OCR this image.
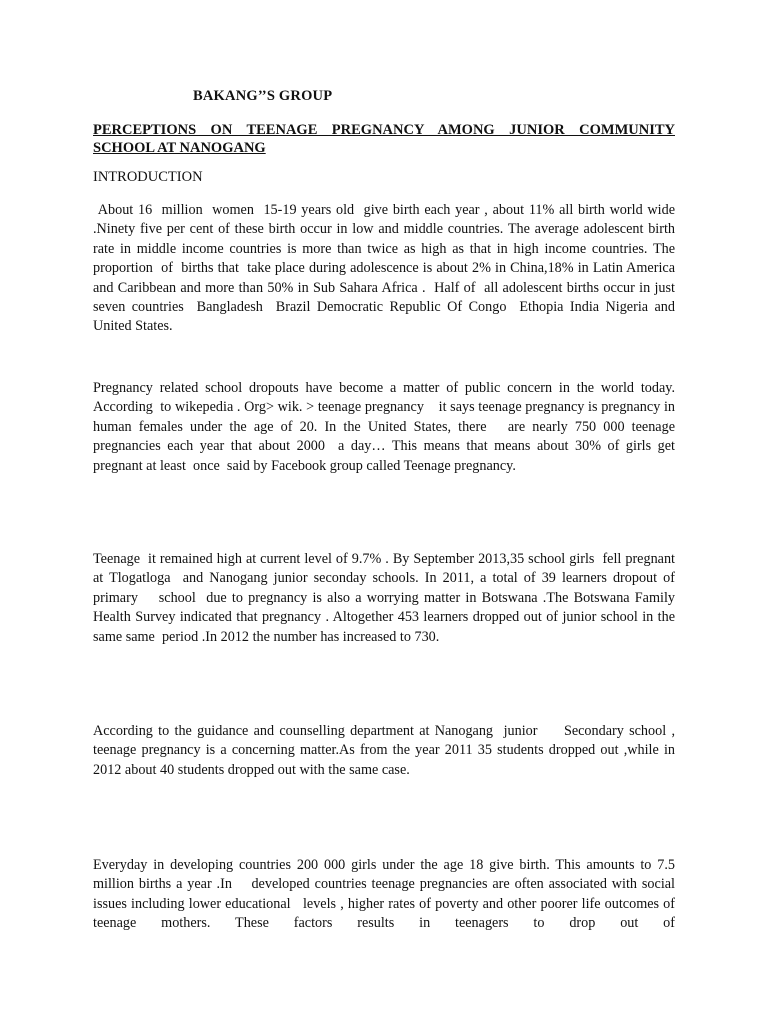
BAKANG’’S GROUP

PERCEPTIONS ON TEENAGE PREGNANCY AMONG JUNIOR COMMUNITY SCHOOL AT NANOGANG

INTRODUCTION

About 16  million  women  15-19 years old  give birth each year , about 11% all birth world wide .Ninety five per cent of these birth occur in low and middle countries. The average adolescent birth rate in middle income countries is more than twice as high as that in high income countries. The proportion  of  births that  take place during adolescence is about 2% in China,18% in Latin America and Caribbean and more than 50% in Sub Sahara Africa .  Half of  all adolescent births occur in just seven countries  Bangladesh  Brazil Democratic Republic Of Congo  Ethopia India Nigeria and United States.

Pregnancy related school dropouts have become a matter of public concern in the world today. According  to wikepedia . Org> wik. > teenage pregnancy    it says teenage pregnancy is pregnancy in human females under the age of 20. In the United States, there   are nearly 750 000 teenage pregnancies each year that about 2000  a day… This means that means about 30% of girls get pregnant at least  once  said by Facebook group called Teenage pregnancy.

Teenage  it remained high at current level of 9.7% . By September 2013,35 school girls  fell pregnant at Tlogatloga  and Nanogang junior seconday schools. In 2011, a total of 39 learners dropout of  primary    school  due to pregnancy is also a worrying matter in Botswana .The Botswana Family Health Survey indicated that pregnancy . Altogether 453 learners dropped out of junior school in the same same  period .In 2012 the number has increased to 730.

According to the guidance and counselling department at Nanogang  junior     Secondary school , teenage pregnancy is a concerning matter.As from the year 2011 35 students dropped out ,while in 2012 about 40 students dropped out with the same case.

Everyday in developing countries 200 000 girls under the age 18 give birth. This amounts to 7.5 million births a year .In    developed countries teenage pregnancies are often associated with social issues including lower educational   levels , higher rates of poverty and other poorer life outcomes of teenage mothers. These factors results in teenagers to drop out of
